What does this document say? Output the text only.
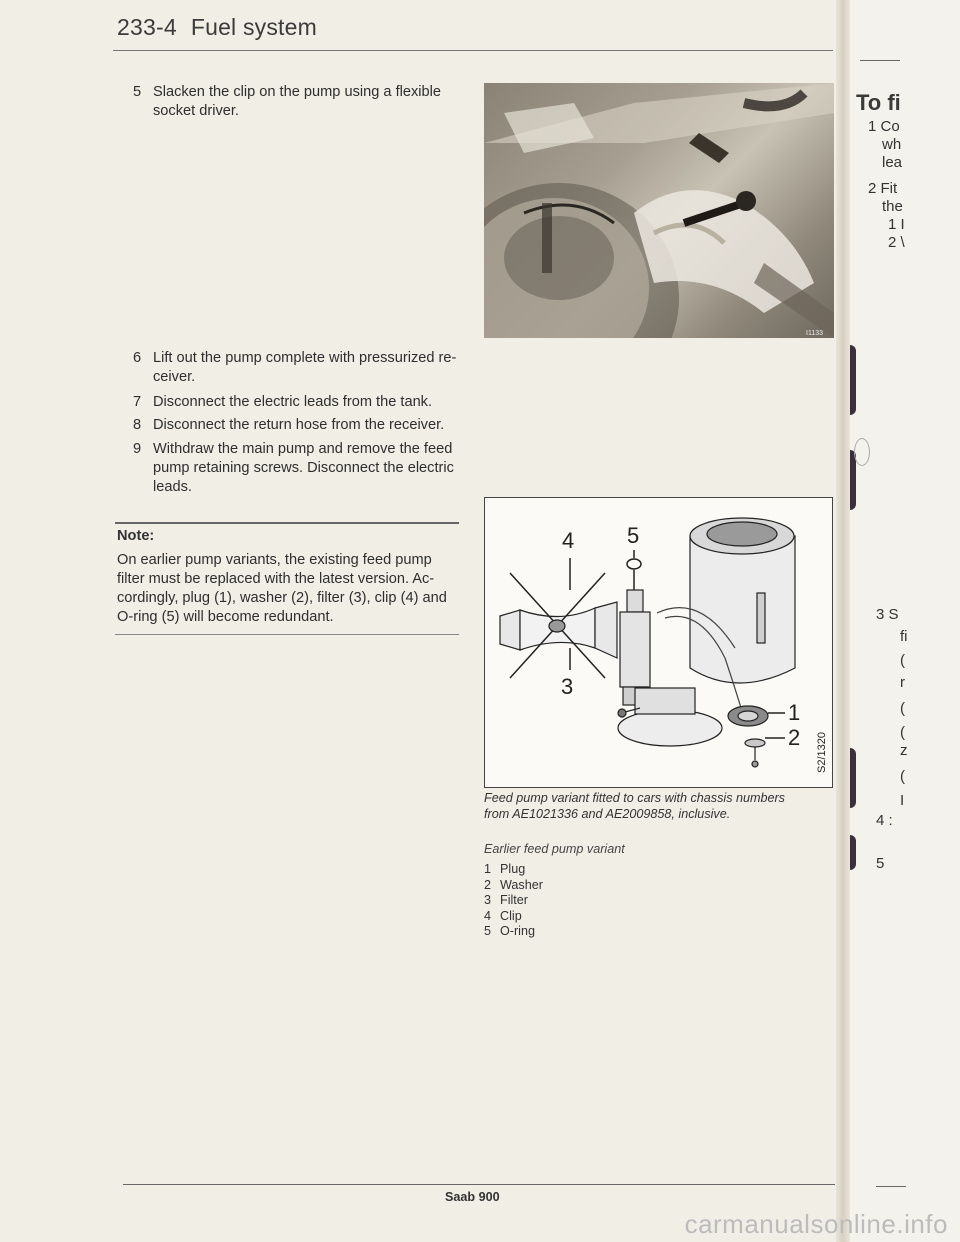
233-4 Fuel system
5 Slacken the clip on the pump using a flexible
socket driver.
6 Lift out the pump complete with pressurized re-
ceiver.
7 Disconnect the electric leads from the tank.
8 Disconnect the return hose from the receiver.
9 Withdraw the main pump and remove the feed
pump retaining screws. Disconnect the electric
leads.
Note:
On earlier pump variants, the existing feed pump
filter must be replaced with the latest version. Ac-
cordingly, plug (1), washer (2), filter (3), clip (4) and
O-ring (5) will become redundant.
I1133
4 5
3
1
2 S2/1320
Feed pump variant fitted to cars with chassis numbers
from AE1021336 and AE2009858, inclusive.
Earlier feed pump variant
1 Plug
2 Washer
3 Filter
4 Clip
5 O-ring
Saab 900
To fi
1 Co
wh
lea
2 Fit
the
1 I
2 \
3 S
fi
(
r
(
(
z
(
I
4 :
5
carmanualsonline.info
